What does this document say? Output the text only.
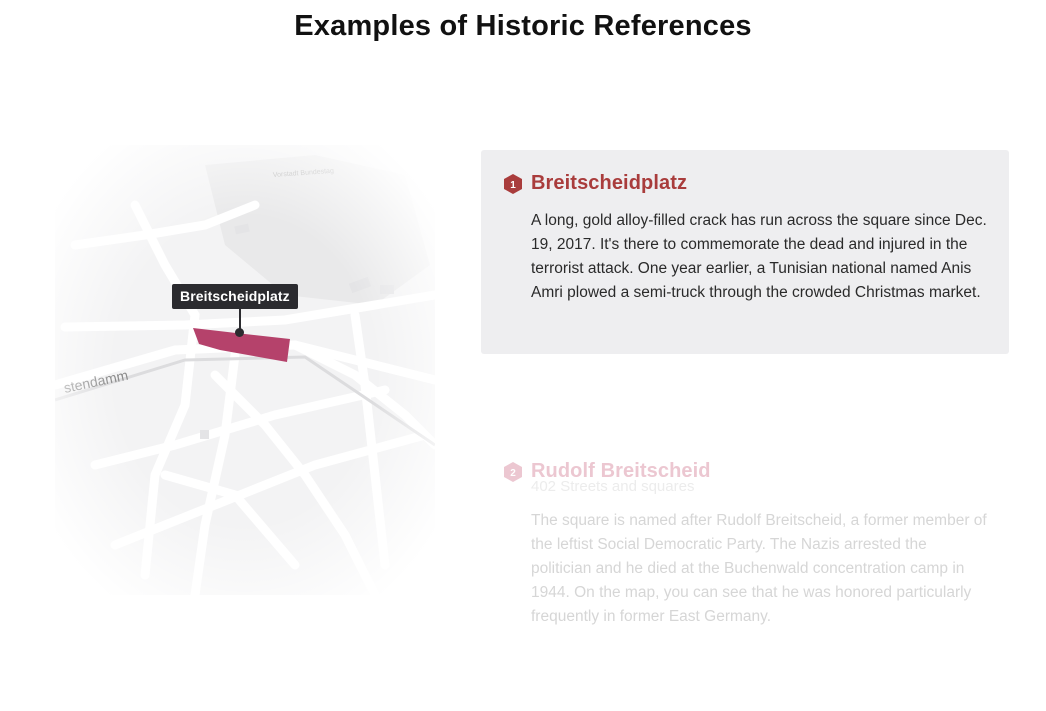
Examples of Historic References
Breitscheidplatz
1 Breitscheidplatz

A long, gold alloy-filled crack has run across the square since Dec. 19, 2017. It's there to commemorate the dead and injured in the terrorist attack. One year earlier, a Tunisian national named Anis Amri plowed a semi-truck through the crowded Christmas market.

2 Rudolf Breitscheid
402 Streets and squares

The square is named after Rudolf Breitscheid, a former member of the leftist Social Democratic Party. The Nazis arrested the politician and he died at the Buchenwald concentration camp in 1944. On the map, you can see that he was honored particularly frequently in former East Germany.
